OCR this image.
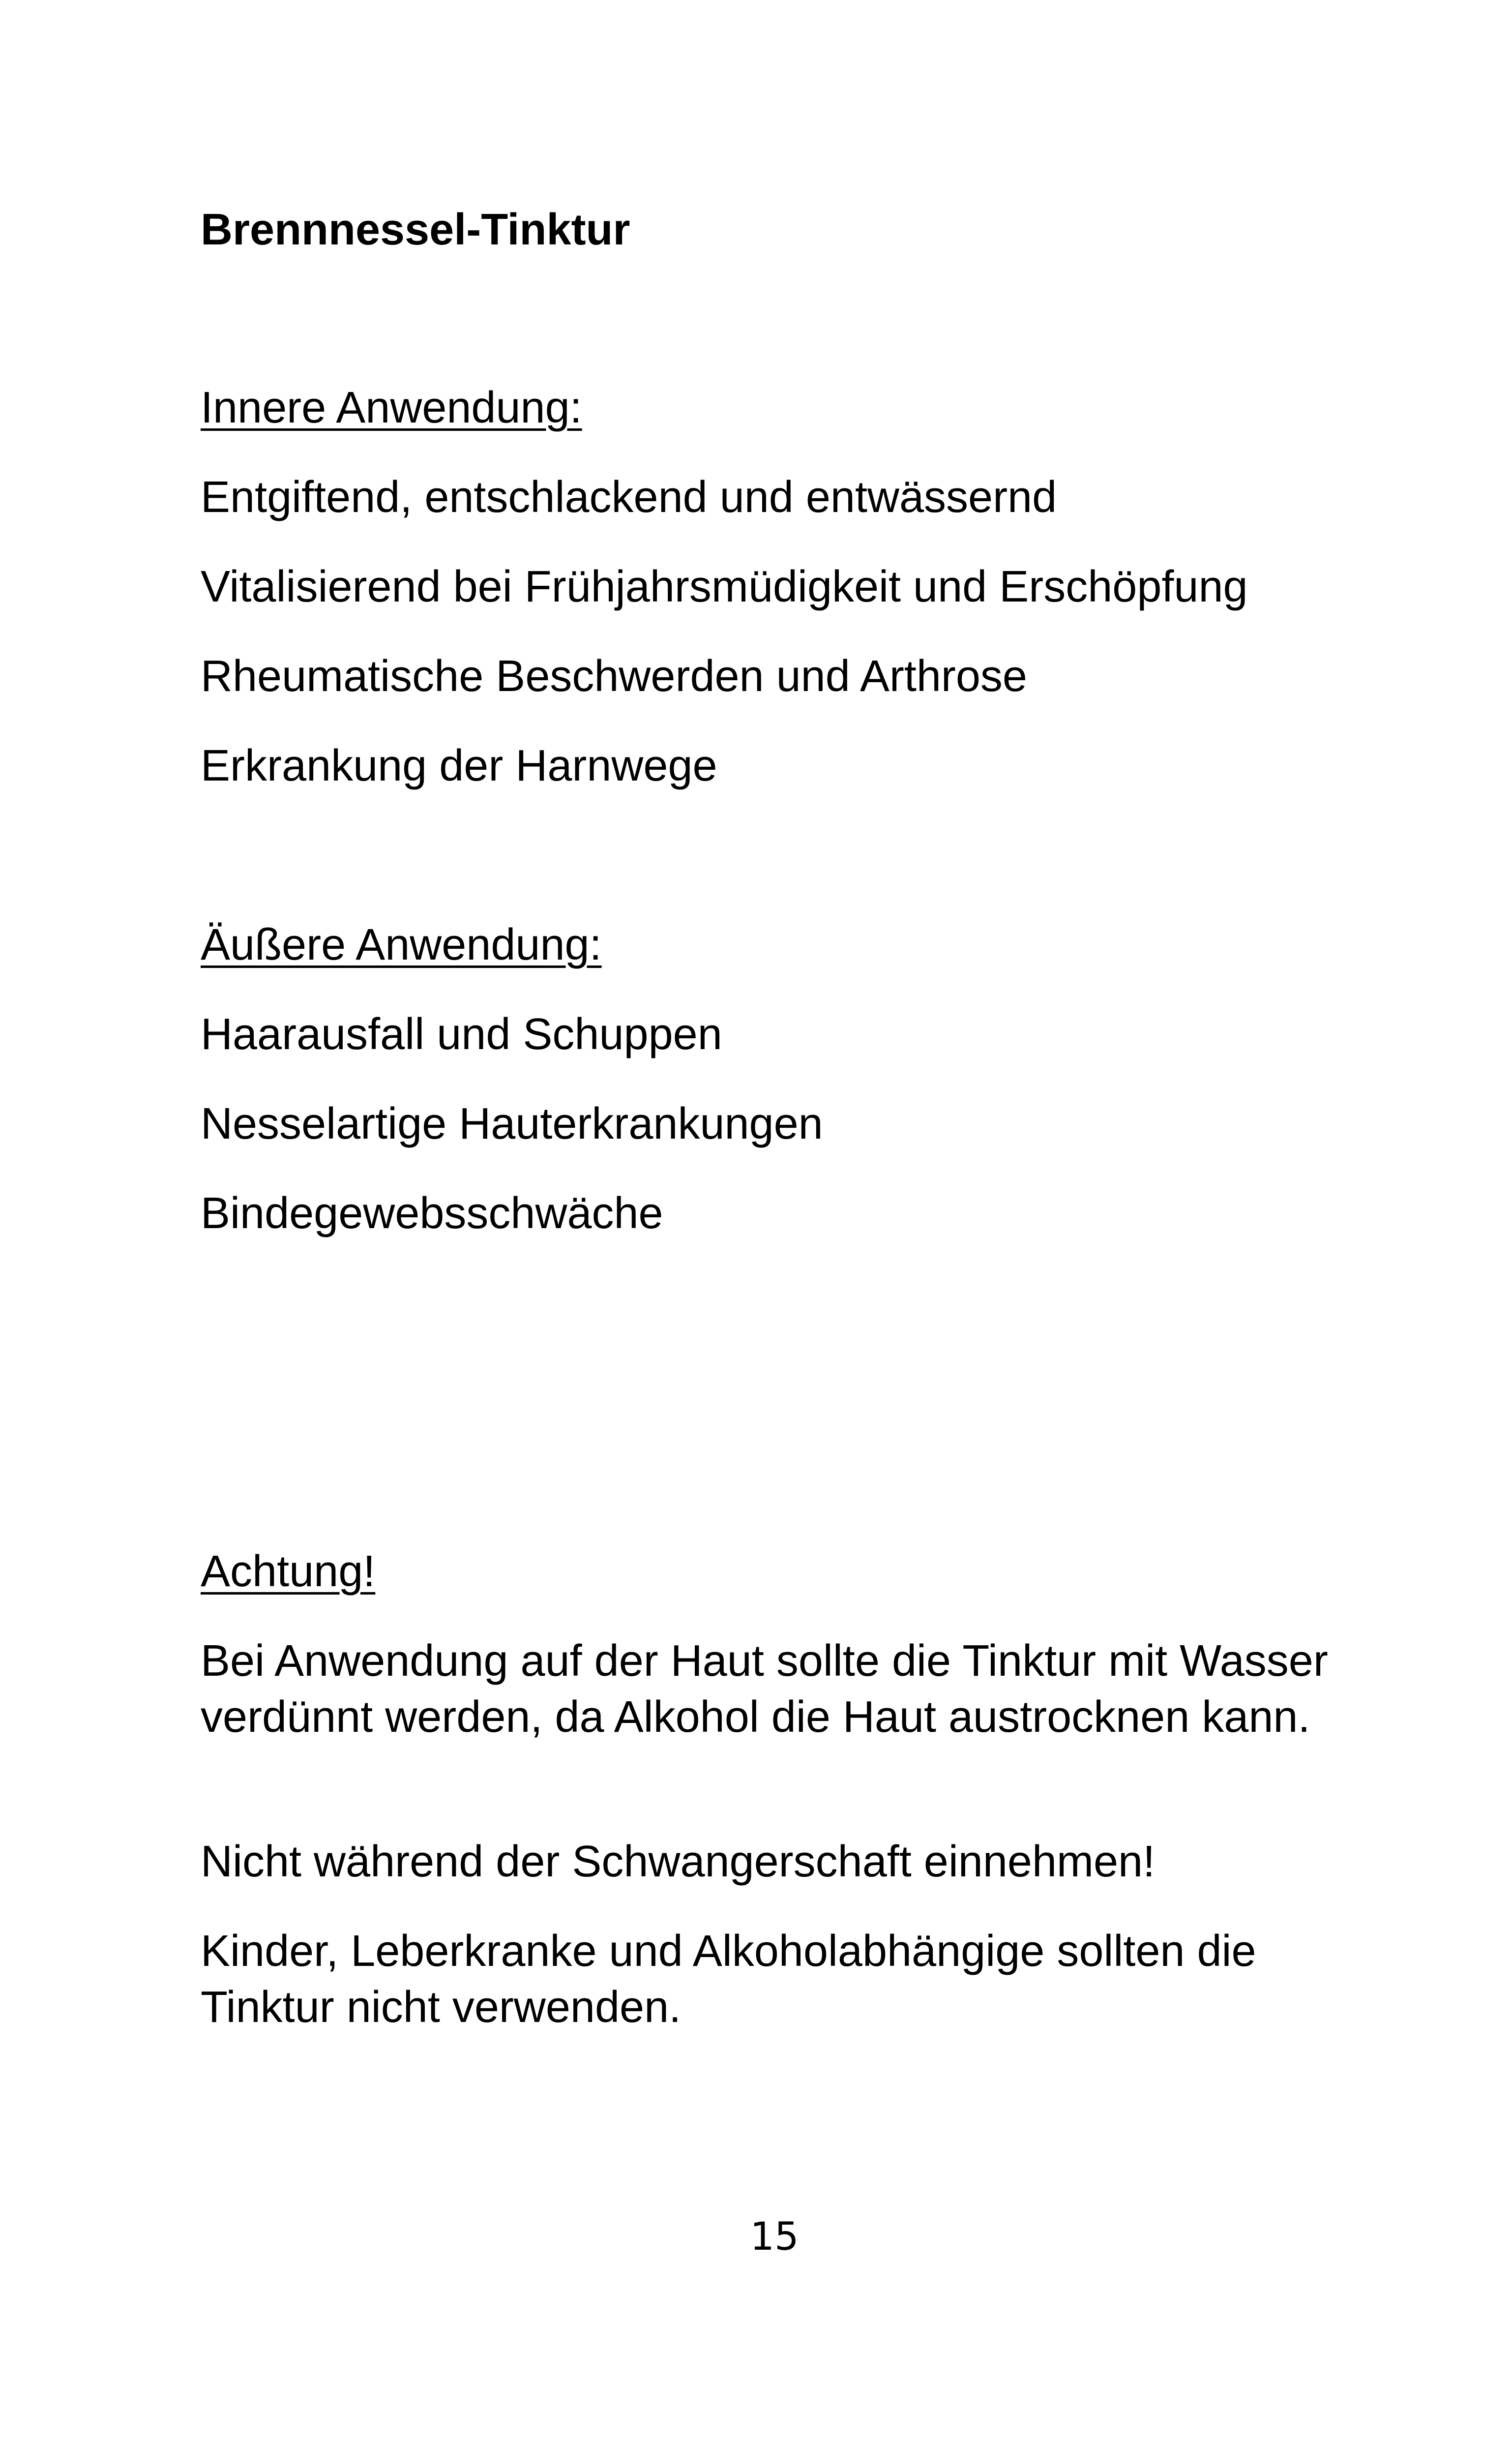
Brennnessel-Tinktur
Innere Anwendung:
Entgiftend, entschlackend und entwässernd
Vitalisierend bei Frühjahrsmüdigkeit und Erschöpfung
Rheumatische Beschwerden und Arthrose
Erkrankung der Harnwege
Äußere Anwendung:
Haarausfall und Schuppen
Nesselartige Hauterkrankungen
Bindegewebsschwäche
Achtung!
Bei Anwendung auf der Haut sollte die Tinktur mit Wasser verdünnt werden, da Alkohol die Haut austrocknen kann.
Nicht während der Schwangerschaft einnehmen!
Kinder, Leberkranke und Alkoholabhängige sollten die Tinktur nicht verwenden.
15
